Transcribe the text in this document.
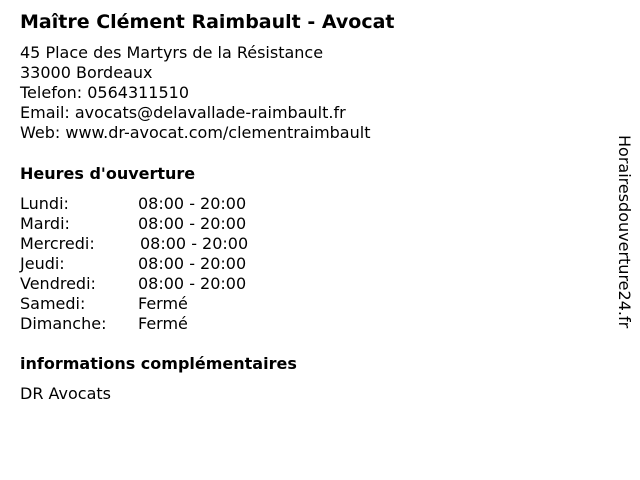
Maître Clément Raimbault - Avocat
45 Place des Martyrs de la Résistance
33000 Bordeaux
Telefon: 0564311510
Email: avocats@delavallade-raimbault.fr
Web: www.dr-avocat.com/clementraimbault
Heures d'ouverture
Lundi:	08:00 - 20:00
Mardi:	08:00 - 20:00
Mercredi:	08:00 - 20:00
Jeudi:	08:00 - 20:00
Vendredi:	08:00 - 20:00
Samedi:	Fermé
Dimanche: Fermé
informations complémentaires
DR Avocats
Horairesdouverture24.fr
